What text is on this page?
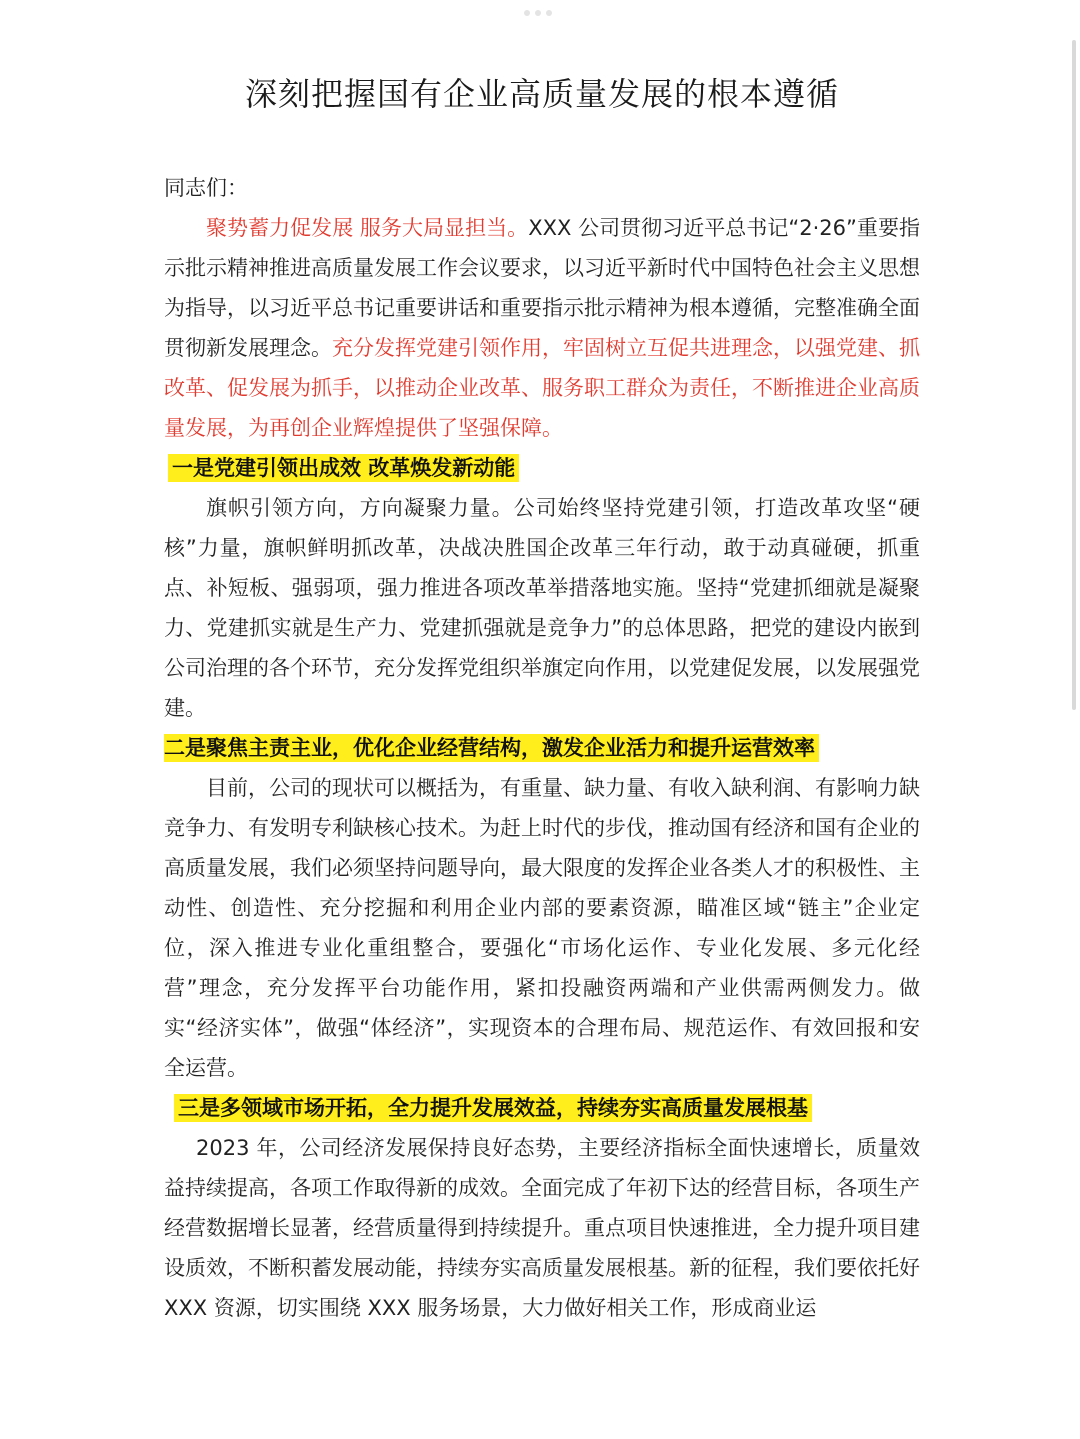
深刻把握国有企业高质量发展的根本遵循

同志们：

聚势蓄力促发展 服务大局显担当。XXX 公司贯彻习近平总书记“2·26”重要指示批示精神推进高质量发展工作会议要求，以习近平新时代中国特色社会主义思想为指导，以习近平总书记重要讲话和重要指示批示精神为根本遵循，完整准确全面贯彻新发展理念。充分发挥党建引领作用，牢固树立互促共进理念，以强党建、抓改革、促发展为抓手，以推动企业改革、服务职工群众为责任，不断推进企业高质量发展，为再创企业辉煌提供了坚强保障。

一是党建引领出成效 改革焕发新动能

旗帜引领方向，方向凝聚力量。公司始终坚持党建引领，打造改革攻坚“硬核”力量，旗帜鲜明抓改革，决战决胜国企改革三年行动，敢于动真碰硬，抓重点、补短板、强弱项，强力推进各项改革举措落地实施。坚持“党建抓细就是凝聚力、党建抓实就是生产力、党建抓强就是竞争力”的总体思路，把党的建设内嵌到公司治理的各个环节，充分发挥党组织举旗定向作用，以党建促发展，以发展强党建。

二是聚焦主责主业，优化企业经营结构，激发企业活力和提升运营效率

目前，公司的现状可以概括为，有重量、缺力量、有收入缺利润、有影响力缺竞争力、有发明专利缺核心技术。为赶上时代的步伐，推动国有经济和国有企业的高质量发展，我们必须坚持问题导向，最大限度的发挥企业各类人才的积极性、主动性、创造性、充分挖掘和利用企业内部的要素资源，瞄准区域“链主”企业定位，深入推进专业化重组整合，要强化“市场化运作、专业化发展、多元化经营”理念，充分发挥平台功能作用，紧扣投融资两端和产业供需两侧发力。做实“经济实体”，做强“体经济”，实现资本的合理布局、规范运作、有效回报和安全运营。

三是多领域市场开拓，全力提升发展效益，持续夯实高质量发展根基

2023 年，公司经济发展保持良好态势，主要经济指标全面快速增长，质量效益持续提高，各项工作取得新的成效。全面完成了年初下达的经营目标，各项生产经营数据增长显著，经营质量得到持续提升。重点项目快速推进，全力提升项目建设质效，不断积蓄发展动能，持续夯实高质量发展根基。新的征程，我们要依托好 XXX 资源，切实围绕 XXX 服务场景，大力做好相关工作，形成商业运
